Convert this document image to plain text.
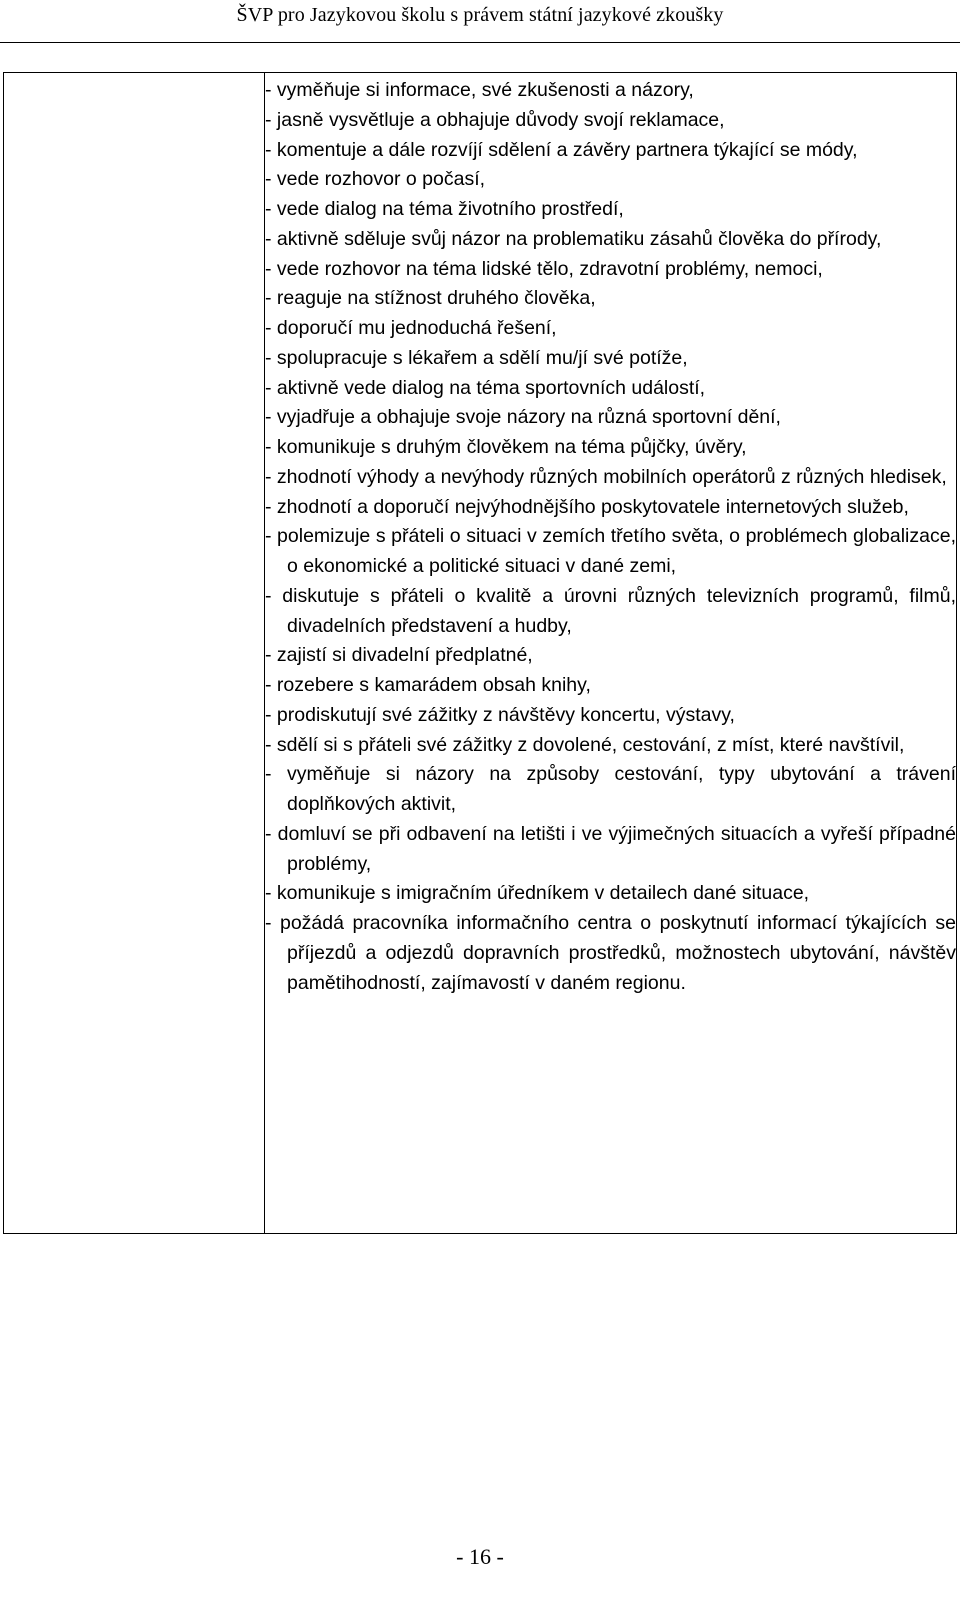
ŠVP pro Jazykovou školu s právem státní jazykové zkoušky

- vyměňuje si informace, své zkušenosti a názory,
- jasně vysvětluje a obhajuje důvody svojí reklamace,
- komentuje a dále rozvíjí sdělení a závěry partnera týkající se módy,
- vede rozhovor o počasí,
- vede dialog na téma životního prostředí,
- aktivně sděluje svůj názor na problematiku zásahů člověka do přírody,
- vede rozhovor na téma lidské tělo, zdravotní problémy, nemoci,
- reaguje na stížnost druhého člověka,
- doporučí mu jednoduchá řešení,
- spolupracuje s lékařem a sdělí mu/jí své potíže,
- aktivně vede dialog na téma sportovních událostí,
- vyjadřuje a obhajuje svoje názory na různá sportovní dění,
- komunikuje s druhým člověkem na téma půjčky, úvěry,
- zhodnotí výhody a nevýhody různých mobilních operátorů z různých hledisek,
- zhodnotí a doporučí nejvýhodnějšího poskytovatele internetových služeb,
- polemizuje s přáteli o situaci v zemích třetího světa, o problémech globalizace, o ekonomické a politické situaci v dané zemi,
- diskutuje s přáteli o kvalitě a úrovni různých televizních programů, filmů, divadelních představení a hudby,
- zajistí si divadelní předplatné,
- rozebere s kamarádem obsah knihy,
- prodiskutují své zážitky z návštěvy koncertu, výstavy,
- sdělí si s přáteli své zážitky z dovolené, cestování, z míst, které navštívil,
- vyměňuje si názory na způsoby cestování, typy ubytování a trávení doplňkových aktivit,
- domluví se při odbavení na letišti i ve výjimečných situacích a vyřeší případné problémy,
- komunikuje s imigračním úředníkem v detailech dané situace,
- požádá pracovníka informačního centra o poskytnutí informací týkajících se příjezdů a odjezdů dopravních prostředků, možnostech ubytování, návštěv pamětihodností, zajímavostí v daném regionu.
- 16 -
